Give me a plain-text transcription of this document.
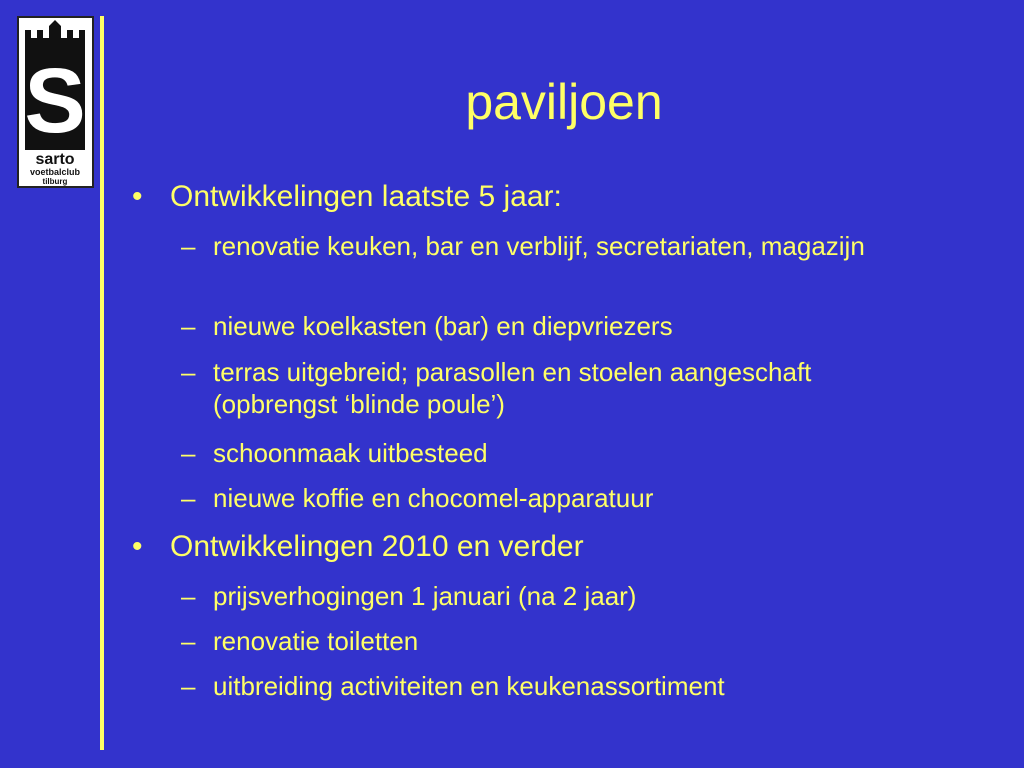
S
sarto
voetbalclub
tilburg
paviljoen
• Ontwikkelingen laatste 5 jaar:
– renovatie keuken, bar en verblijf, secretariaten, magazijn
– nieuwe koelkasten (bar) en diepvriezers
– terras uitgebreid; parasollen en stoelen aangeschaft (opbrengst ‘blinde poule’)
– schoonmaak uitbesteed
– nieuwe koffie en chocomel-apparatuur
• Ontwikkelingen 2010 en verder
– prijsverhogingen 1 januari (na 2 jaar)
– renovatie toiletten
– uitbreiding activiteiten en keukenassortiment
